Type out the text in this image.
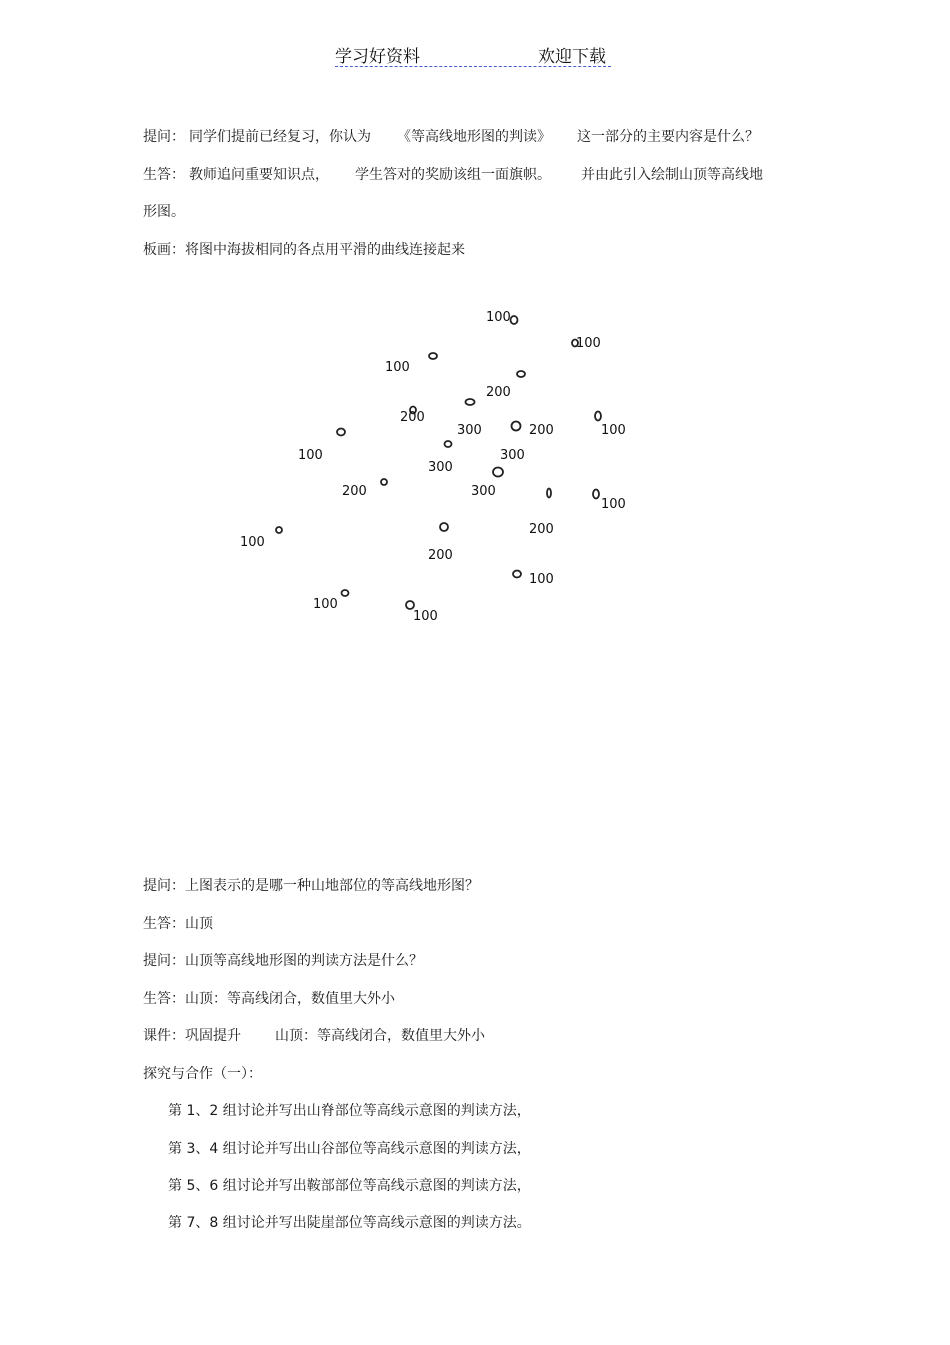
学习好资料	欢迎下载
提问： 同学们提前已经复习，你认为 《等高线地形图的判读》 这一部分的主要内容是什么？
生答： 教师追问重要知识点， 学生答对的奖励该组一面旗帜。 并由此引入绘制山顶等高线地
形图。
板画：将图中海拔相同的各点用平滑的曲线连接起来
100
100
100
200
200
300	200	100
100
300
300
200	300
100
100
200
200
100
100
100
提问：上图表示的是哪一种山地部位的等高线地形图？
生答：山顶
提问：山顶等高线地形图的判读方法是什么？
生答：山顶：等高线闭合，数值里大外小
课件：巩固提升 山顶：等高线闭合，数值里大外小
探究与合作（一）：
第 1、2 组讨论并写出山脊部位等高线示意图的判读方法，
第 3、4 组讨论并写出山谷部位等高线示意图的判读方法，
第 5、6 组讨论并写出鞍部部位等高线示意图的判读方法，
第 7、8 组讨论并写出陡崖部位等高线示意图的判读方法。
